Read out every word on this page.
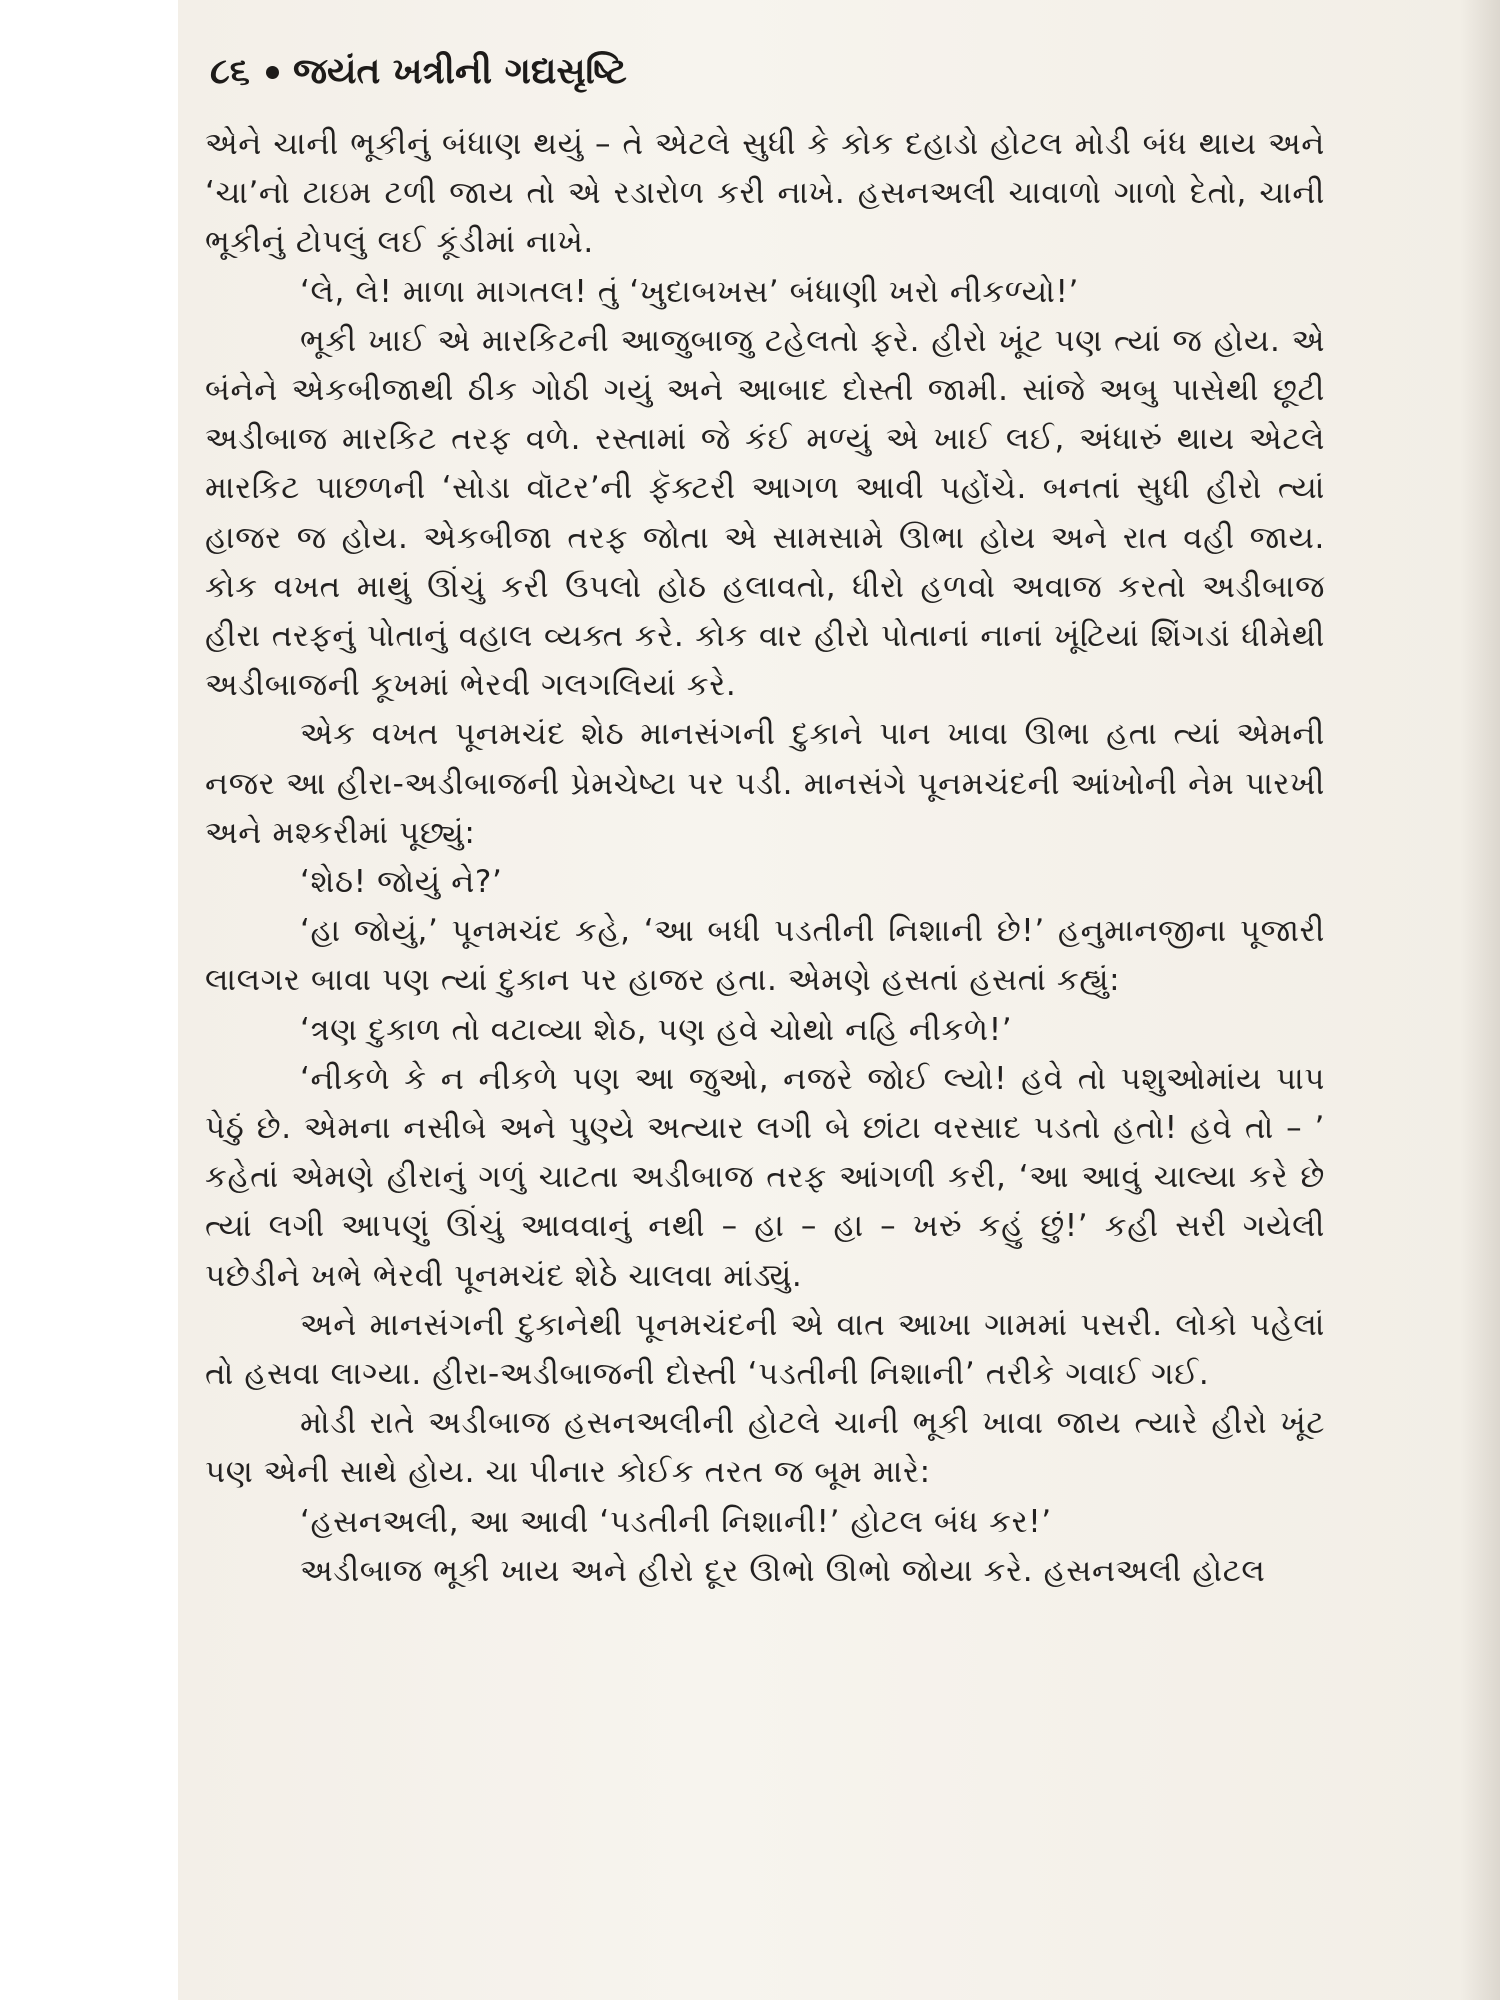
૮૬ જયંત ખત્રીની ગદ્યસૃષ્ટિ

એને ચાની ભૂકીનું બંધાણ થયું – તે એટલે સુધી કે કોક દહાડો હોટલ મોડી બંધ થાય અને ‘ચા’નો ટાઇમ ટળી જાય તો એ રડારોળ કરી નાખે. હસનઅલી ચાવાળો ગાળો દેતો, ચાની ભૂકીનું ટોપલું લઈ કૂંડીમાં નાખે.

‘લે, લે! માળા માગતલ! તું ‘ખુદાબખસ’ બંધાણી ખરો નીકળ્યો!’

ભૂકી ખાઈ એ મારકિટની આજુબાજુ ટહેલતો ફરે. હીરો ખૂંટ પણ ત્યાં જ હોય. એ બંનેને એકબીજાથી ઠીક ગોઠી ગયું અને આબાદ દોસ્તી જામી. સાંજે અબુ પાસેથી છૂટી અડીબાજ મારકિટ તરફ વળે. રસ્તામાં જે કંઈ મળ્યું એ ખાઈ લઈ, અંધારું થાય એટલે મારકિટ પાછળની ‘સોડા વૉટર’ની ફૅક્ટરી આગળ આવી પહોંચે. બનતાં સુધી હીરો ત્યાં હાજર જ હોય. એકબીજા તરફ જોતા એ સામસામે ઊભા હોય અને રાત વહી જાય. કોક વખત માથું ઊંચું કરી ઉપલો હોઠ હલાવતો, ધીરો હળવો અવાજ કરતો અડીબાજ હીરા તરફનું પોતાનું વહાલ વ્યક્ત કરે. કોક વાર હીરો પોતાનાં નાનાં ખૂંટિયાં શિંગડાં ધીમેથી અડીબાજની કૂખમાં ભેરવી ગલગલિયાં કરે.

એક વખત પૂનમચંદ શેઠ માનસંગની દુકાને પાન ખાવા ઊભા હતા ત્યાં એમની નજર આ હીરા-અડીબાજની પ્રેમચેષ્ટા પર પડી. માનસંગે પૂનમચંદની આંખોની નેમ પારખી અને મશ્કરીમાં પૂછ્યું:

‘શેઠ! જોયું ને?’

‘હા જોયું,’ પૂનમચંદ કહે, ‘આ બધી પડતીની નિશાની છે!’ હનુમાનજીના પૂજારી લાલગર બાવા પણ ત્યાં દુકાન પર હાજર હતા. એમણે હસતાં હસતાં કહ્યું:

‘ત્રણ દુકાળ તો વટાવ્યા શેઠ, પણ હવે ચોથો નહિ નીકળે!’

‘નીકળે કે ન નીકળે પણ આ જુઓ, નજરે જોઈ લ્યો! હવે તો પશુઓમાંય પાપ પેઠું છે. એમના નસીબે અને પુણ્યે અત્યાર લગી બે છાંટા વરસાદ પડતો હતો! હવે તો – ’ કહેતાં એમણે હીરાનું ગળું ચાટતા અડીબાજ તરફ આંગળી કરી, ‘આ આવું ચાલ્યા કરે છે ત્યાં લગી આપણું ઊંચું આવવાનું નથી – હા – હા – ખરું કહું છું!’ કહી સરી ગયેલી પછેડીને ખભે ભેરવી પૂનમચંદ શેઠે ચાલવા માંડ્યું.

અને માનસંગની દુકાનેથી પૂનમચંદની એ વાત આખા ગામમાં પસરી. લોકો પહેલાં તો હસવા લાગ્યા. હીરા-અડીબાજની દોસ્તી ‘પડતીની નિશાની’ તરીકે ગવાઈ ગઈ.

મોડી રાતે અડીબાજ હસનઅલીની હોટલે ચાની ભૂકી ખાવા જાય ત્યારે હીરો ખૂંટ પણ એની સાથે હોય. ચા પીનાર કોઈક તરત જ બૂમ મારે:

‘હસનઅલી, આ આવી ‘પડતીની નિશાની!’ હોટલ બંધ કર!’

અડીબાજ ભૂકી ખાય અને હીરો દૂર ઊભો ઊભો જોયા કરે. હસનઅલી હોટલ
